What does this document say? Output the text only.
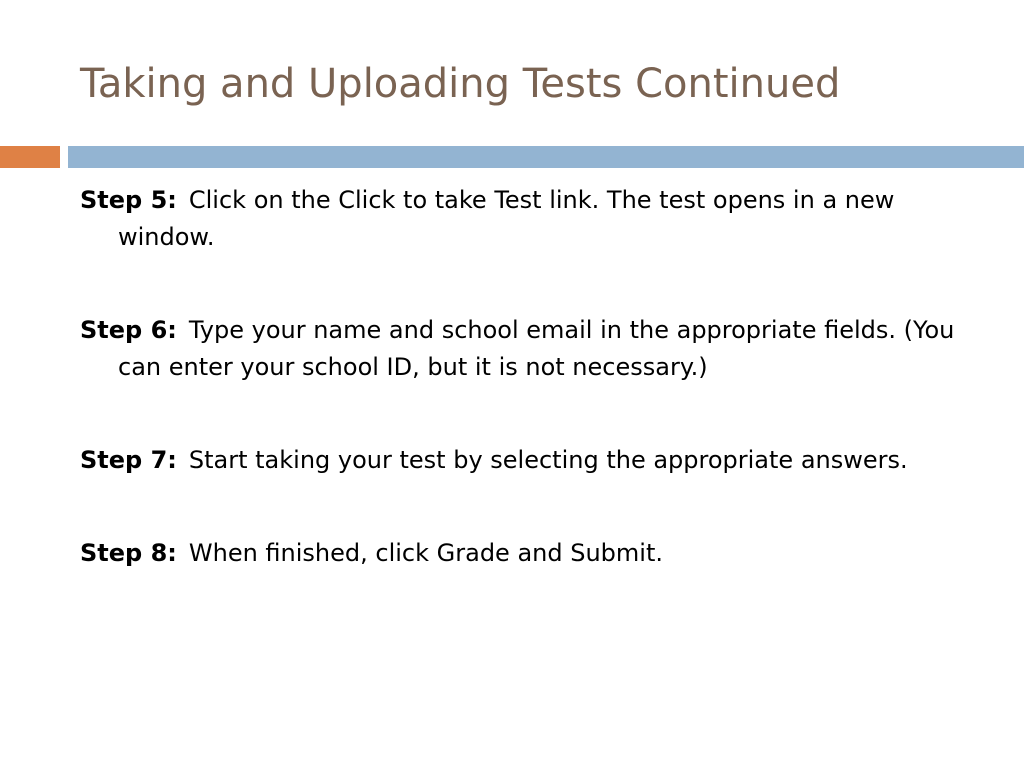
Taking and Uploading Tests Continued
Step 5: Click on the Click to take Test link. The test opens in a new window.
Step 6: Type your name and school email in the appropriate fields. (You can enter your school ID, but it is not necessary.)
Step 7: Start taking your test by selecting the appropriate answers.
Step 8: When finished, click Grade and Submit.
